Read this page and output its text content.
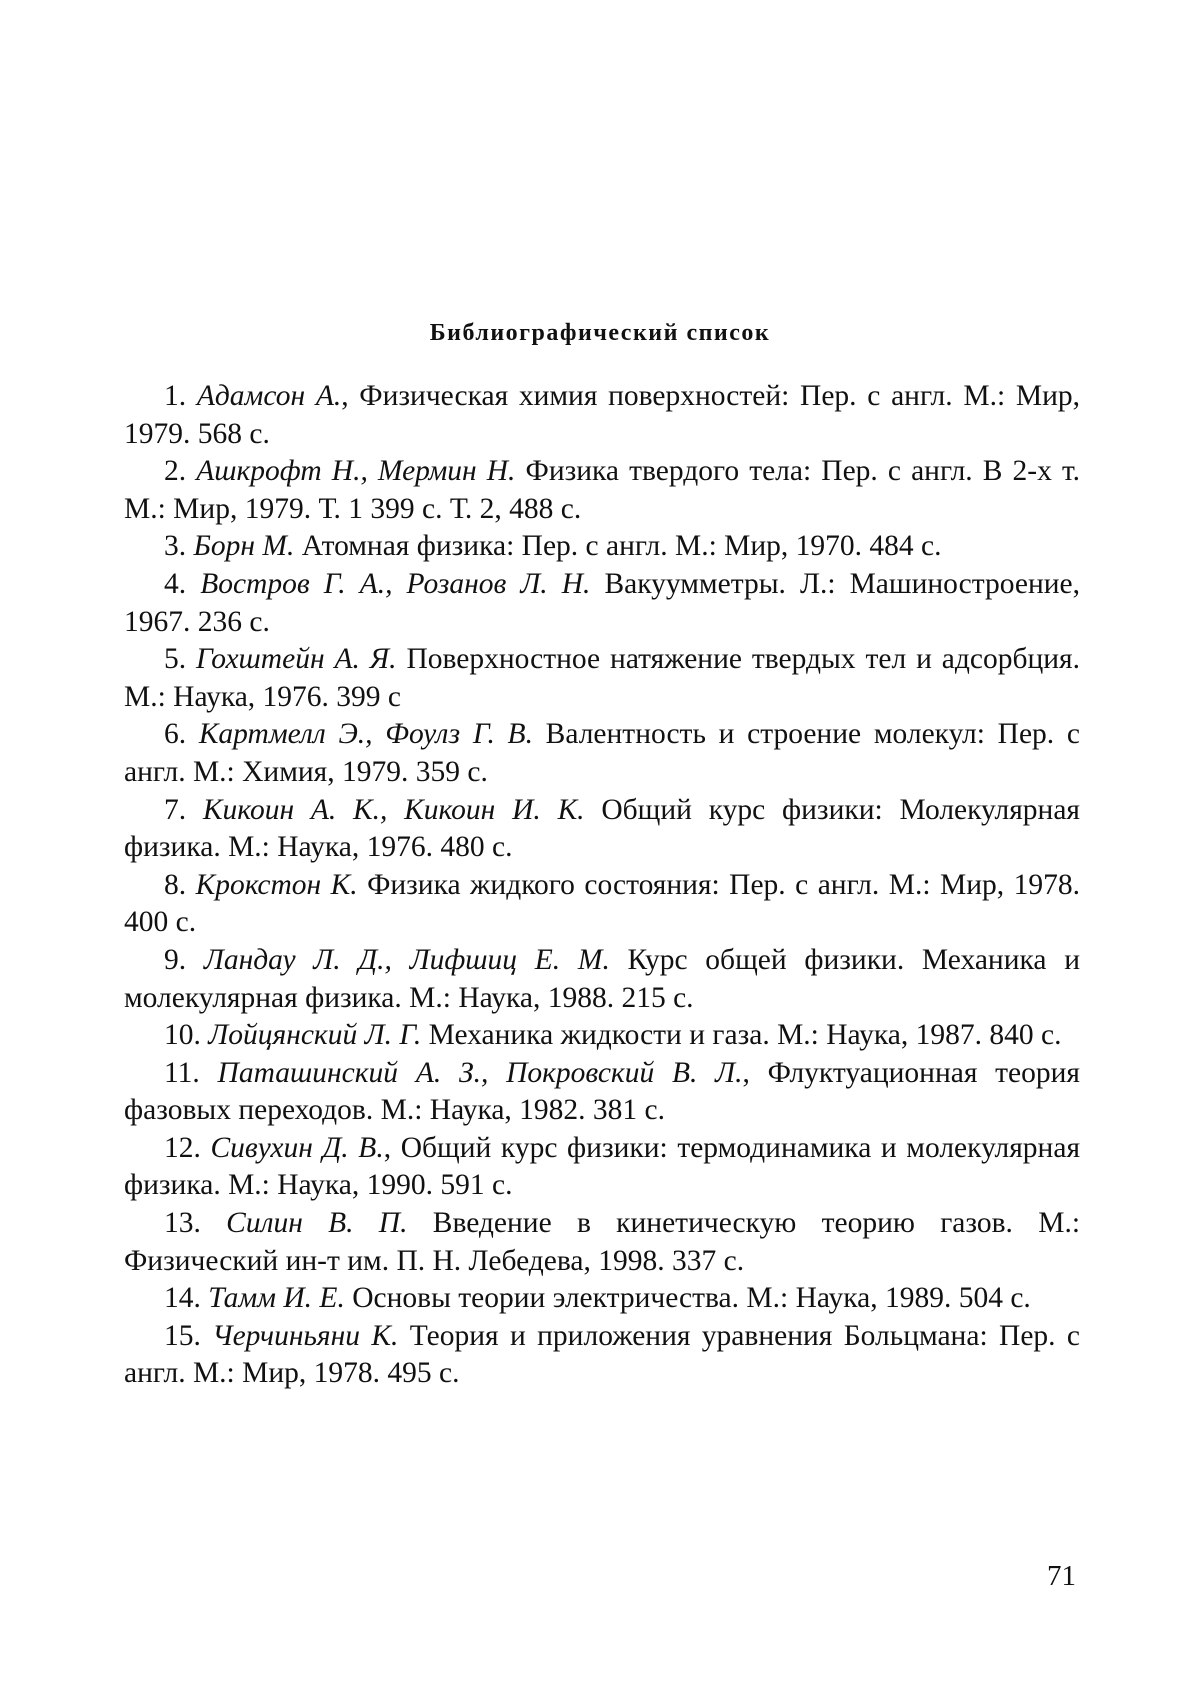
Библиографический список

1. Адамсон А., Физическая химия поверхностей: Пер. с англ. М.: Мир, 1979. 568 с.

2. Ашкрофт Н., Мермин Н. Физика твердого тела: Пер. с англ. В 2-х т. М.: Мир, 1979. Т. 1 399 с. Т. 2, 488 с.

3. Борн М. Атомная физика: Пер. с англ. М.: Мир, 1970. 484 с.

4. Востров Г. А., Розанов Л. Н. Вакуумметры. Л.: Машиностроение, 1967. 236 с.

5. Гохштейн А. Я. Поверхностное натяжение твердых тел и адсорбция. М.: Наука, 1976. 399 с

6. Картмелл Э., Фоулз Г. В. Валентность и строение молекул: Пер. с англ. М.: Химия, 1979. 359 с.

7. Кикоин А. К., Кикоин И. К. Общий курс физики: Молекулярная физика. М.: Наука, 1976. 480 с.

8. Крокстон К. Физика жидкого состояния: Пер. с англ. М.: Мир, 1978. 400 с.

9. Ландау Л. Д., Лифшиц Е. М. Курс общей физики. Механика и молекулярная физика. М.: Наука, 1988. 215 с.

10. Лойцянский Л. Г. Механика жидкости и газа. М.: Наука, 1987. 840 с.

11. Паташинский А. З., Покровский В. Л., Флуктуационная теория фазовых переходов. М.: Наука, 1982. 381 с.

12. Сивухин Д. В., Общий курс физики: термодинамика и молекулярная физика. М.: Наука, 1990. 591 с.

13. Силин В. П. Введение в кинетическую теорию газов. М.: Физический ин-т им. П. Н. Лебедева, 1998. 337 с.

14. Тамм И. Е. Основы теории электричества. М.: Наука, 1989. 504 с.

15. Черчиньяни К. Теория и приложения уравнения Больцмана: Пер. с англ. М.: Мир, 1978. 495 с.

71
